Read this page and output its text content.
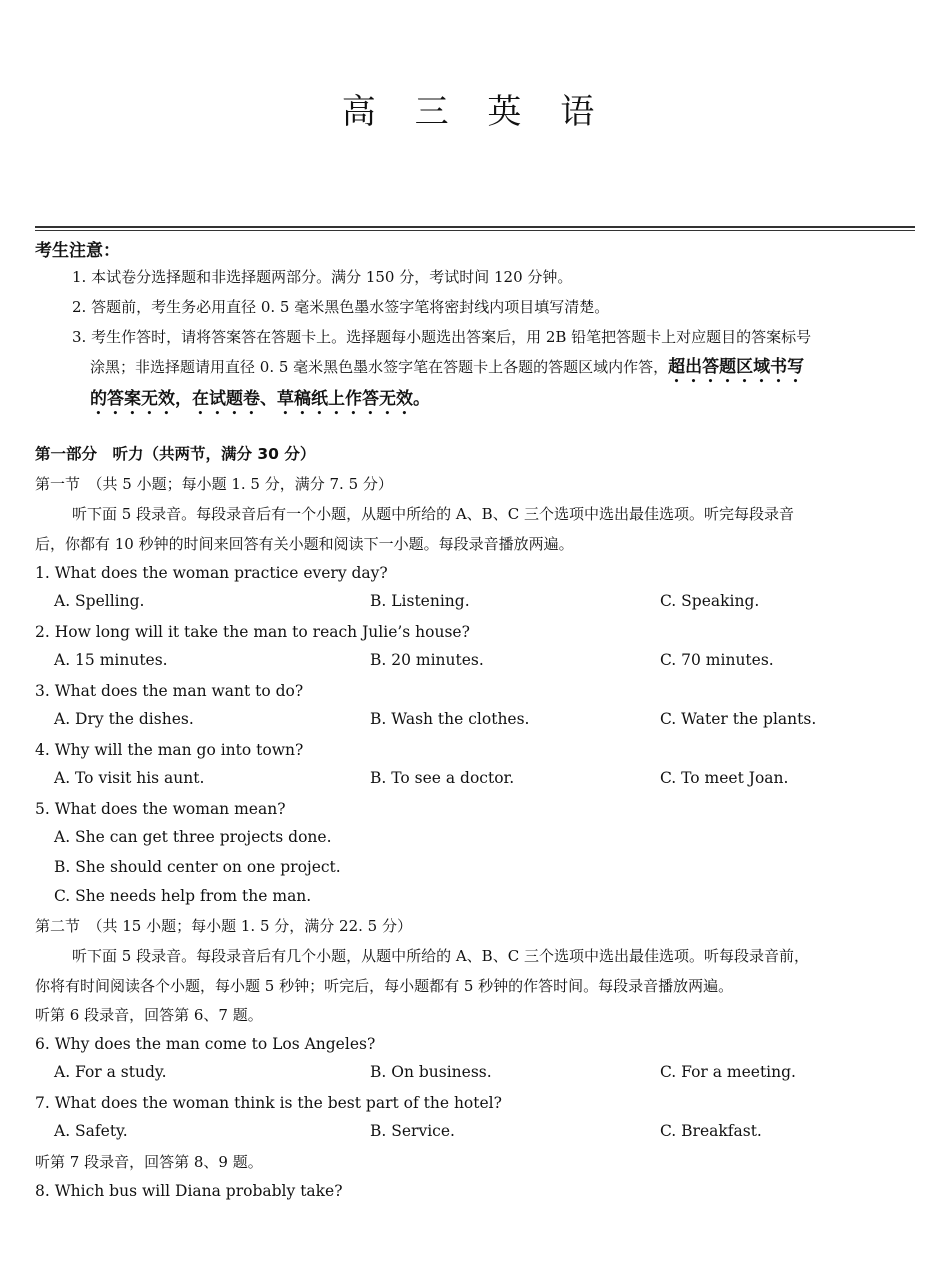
高 三 英 语
考生注意：
1. 本试卷分选择题和非选择题两部分。满分 150 分，考试时间 120 分钟。
2. 答题前，考生务必用直径 0. 5 毫米黑色墨水签字笔将密封线内项目填写清楚。
3. 考生作答时，请将答案答在答题卡上。选择题每小题选出答案后，用 2B 铅笔把答题卡上对应题目的答案标号
涂黑；非选择题请用直径 0. 5 毫米黑色墨水签字笔在答题卡上各题的答题区域内作答，超出答题区域书写
的答案无效，在试题卷、草稿纸上作答无效。
第一部分　听力（共两节，满分 30 分）
第一节　（共 5 小题；每小题 1. 5 分，满分 7. 5 分）
听下面 5 段录音。每段录音后有一个小题，从题中所给的 A、B、C 三个选项中选出最佳选项。听完每段录音
后，你都有 10 秒钟的时间来回答有关小题和阅读下一小题。每段录音播放两遍。
1. What does the woman practice every day?
A. Spelling.	B. Listening.	C. Speaking.
2. How long will it take the man to reach Julie’s house?
A. 15 minutes.	B. 20 minutes.	C. 70 minutes.
3. What does the man want to do?
A. Dry the dishes.	B. Wash the clothes.	C. Water the plants.
4. Why will the man go into town?
A. To visit his aunt.	B. To see a doctor.	C. To meet Joan.
5. What does the woman mean?
A. She can get three projects done.
B. She should center on one project.
C. She needs help from the man.
第二节　（共 15 小题；每小题 1. 5 分，满分 22. 5 分）
听下面 5 段录音。每段录音后有几个小题，从题中所给的 A、B、C 三个选项中选出最佳选项。听每段录音前，
你将有时间阅读各个小题，每小题 5 秒钟；听完后，每小题都有 5 秒钟的作答时间。每段录音播放两遍。
听第 6 段录音，回答第 6、7 题。
6. Why does the man come to Los Angeles?
A. For a study.	B. On business.	C. For a meeting.
7. What does the woman think is the best part of the hotel?
A. Safety.	B. Service.	C. Breakfast.
听第 7 段录音，回答第 8、9 题。
8. Which bus will Diana probably take?
